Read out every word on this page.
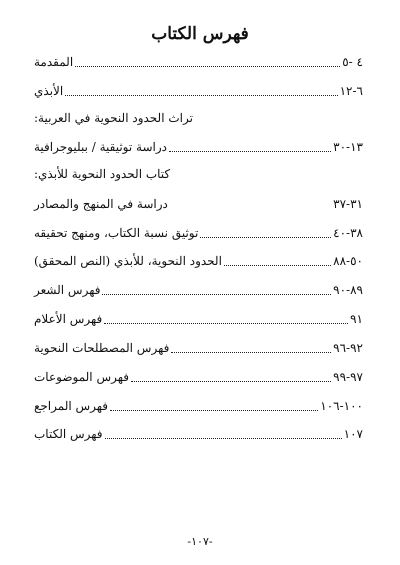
فهرس الكتاب
المقدمة	٤ -٥
الأبذي	٦-١٢
تراث الحدود النحوية في العربية:
دراسة توثيقية / ببليوجرافية	١٣-٣٠
كتاب الحدود النحوية للأبذي:
دراسة في المنهج والمصادر	٣١-٣٧
توثيق نسبة الكتاب، ومنهج تحقيقه	٣٨-٤٠
الحدود النحوية، للأبذي (النص المحقق)	٥٠-٨٨
فهرس الشعر	٨٩-٩٠
فهرس الأعلام	٩١
فهرس المصطلحات النحوية	٩٢-٩٦
فهرس الموضوعات	٩٧-٩٩
فهرس المراجع	١٠٠-١٠٦
فهرس الكتاب	١٠٧
-١٠٧-
